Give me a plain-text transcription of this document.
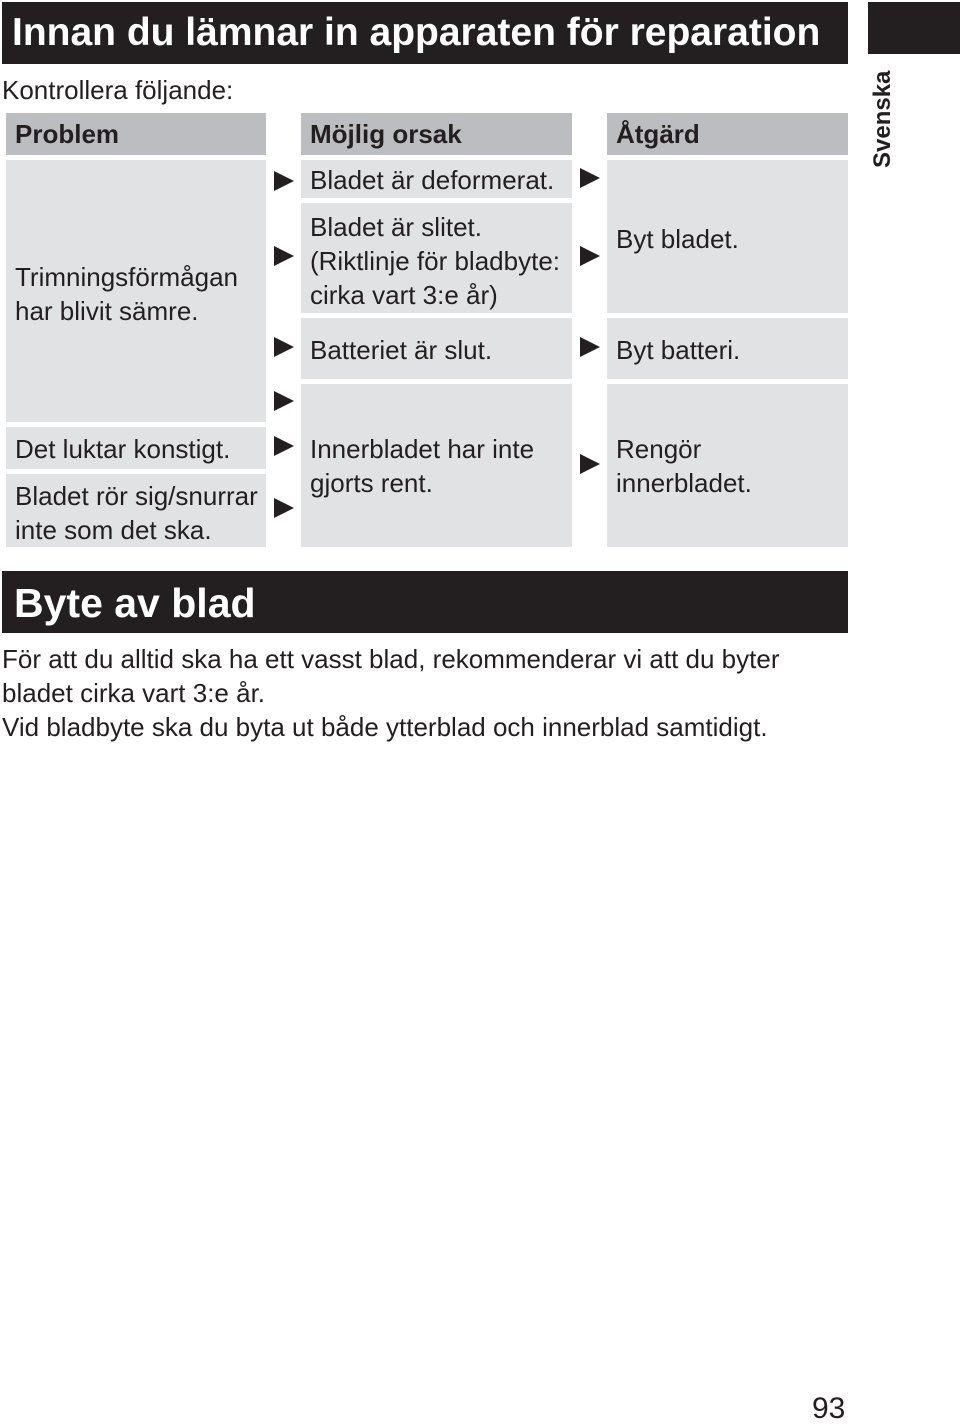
Innan du lämnar in apparaten för reparation
Svenska
Kontrollera följande:
Problem	Möjlig orsak	Åtgärd
Trimningsförmågan har blivit sämre.
Det luktar konstigt.
Bladet rör sig/snurrar inte som det ska.
Bladet är deformerat.
Bladet är slitet. (Riktlinje för bladbyte: cirka vart 3:e år)
Batteriet är slut.
Innerbladet har inte gjorts rent.
Byt bladet.
Byt batteri.
Rengör innerbladet.
Byte av blad
För att du alltid ska ha ett vasst blad, rekommenderar vi att du byter
bladet cirka vart 3:e år.
Vid bladbyte ska du byta ut både ytterblad och innerblad samtidigt.
93
